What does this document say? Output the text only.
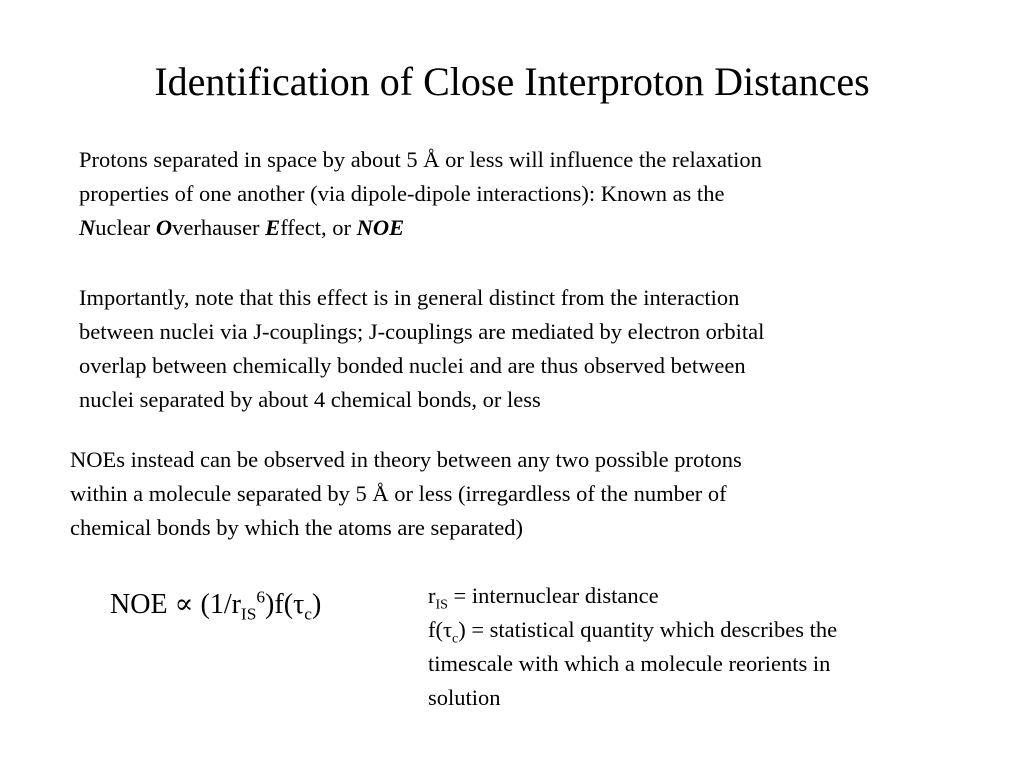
Identification of Close Interproton Distances
Protons separated in space by about 5 Å or less will influence the relaxation
properties of one another (via dipole-dipole interactions): Known as the
Nuclear Overhauser Effect, or NOE
Importantly, note that this effect is in general distinct from the interaction
between nuclei via J-couplings; J-couplings are mediated by electron orbital
overlap between chemically bonded nuclei and are thus observed between
nuclei separated by about 4 chemical bonds, or less
NOEs instead can be observed in theory between any two possible protons
within a molecule separated by 5 Å or less (irregardless of the number of
chemical bonds by which the atoms are separated)
NOE ∝ $(1/r_{IS}^6)f(\tau_c)$	$r_{IS}$ = internuclear distance
$f(\tau_c)$ = statistical quantity which describes the
timescale with which a molecule reorients in
solution
